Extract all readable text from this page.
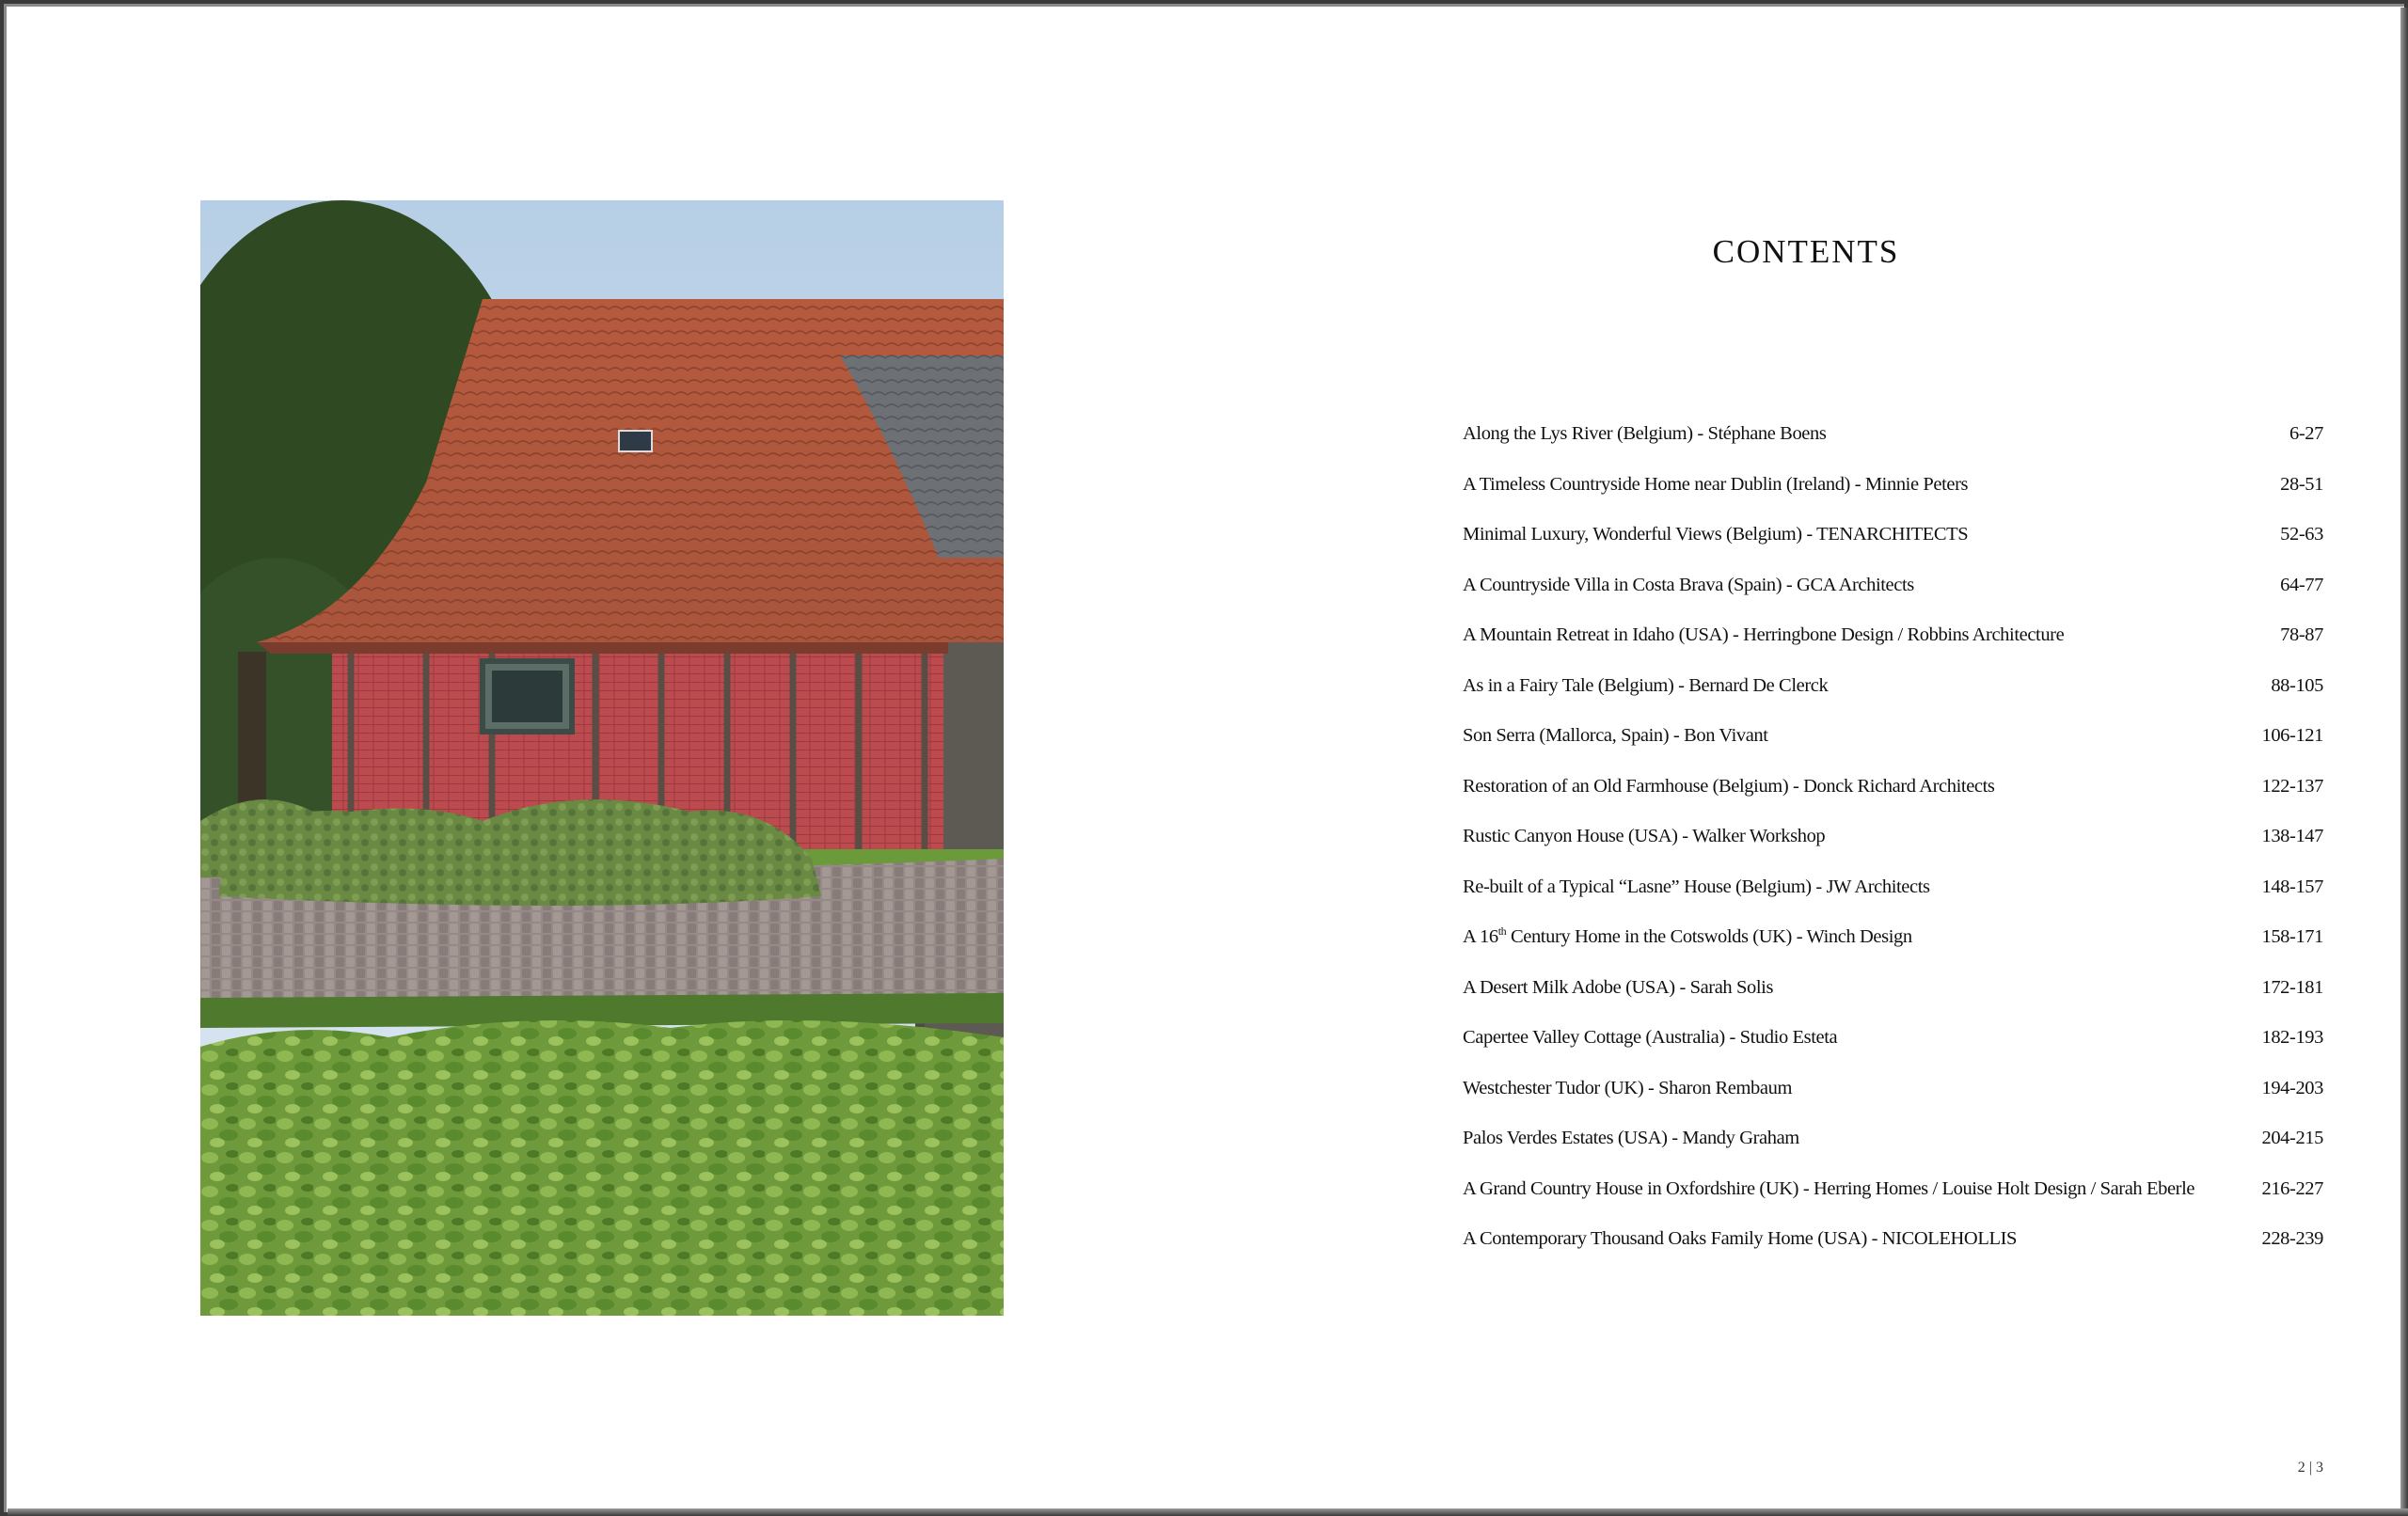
CONTENTS
Along the Lys River (Belgium) - Stéphane Boens	6-27
A Timeless Countryside Home near Dublin (Ireland) - Minnie Peters	28-51
Minimal Luxury, Wonderful Views (Belgium) - TENARCHITECTS	52-63
A Countryside Villa in Costa Brava (Spain) - GCA Architects	64-77
A Mountain Retreat in Idaho (USA) - Herringbone Design / Robbins Architecture	78-87
As in a Fairy Tale (Belgium) - Bernard De Clerck	88-105
Son Serra (Mallorca, Spain) - Bon Vivant	106-121
Restoration of an Old Farmhouse (Belgium) - Donck Richard Architects	122-137
Rustic Canyon House (USA) - Walker Workshop	138-147
Re-built of a Typical “Lasne” House (Belgium) - JW Architects	148-157
A 16th Century Home in the Cotswolds (UK) - Winch Design	158-171
A Desert Milk Adobe (USA) - Sarah Solis	172-181
Capertee Valley Cottage (Australia) - Studio Esteta	182-193
Westchester Tudor (UK) - Sharon Rembaum	194-203
Palos Verdes Estates (USA) - Mandy Graham	204-215
A Grand Country House in Oxfordshire (UK) - Herring Homes / Louise Holt Design / Sarah Eberle	216-227
A Contemporary Thousand Oaks Family Home (USA) - NICOLEHOLLIS	228-239
2 | 3
